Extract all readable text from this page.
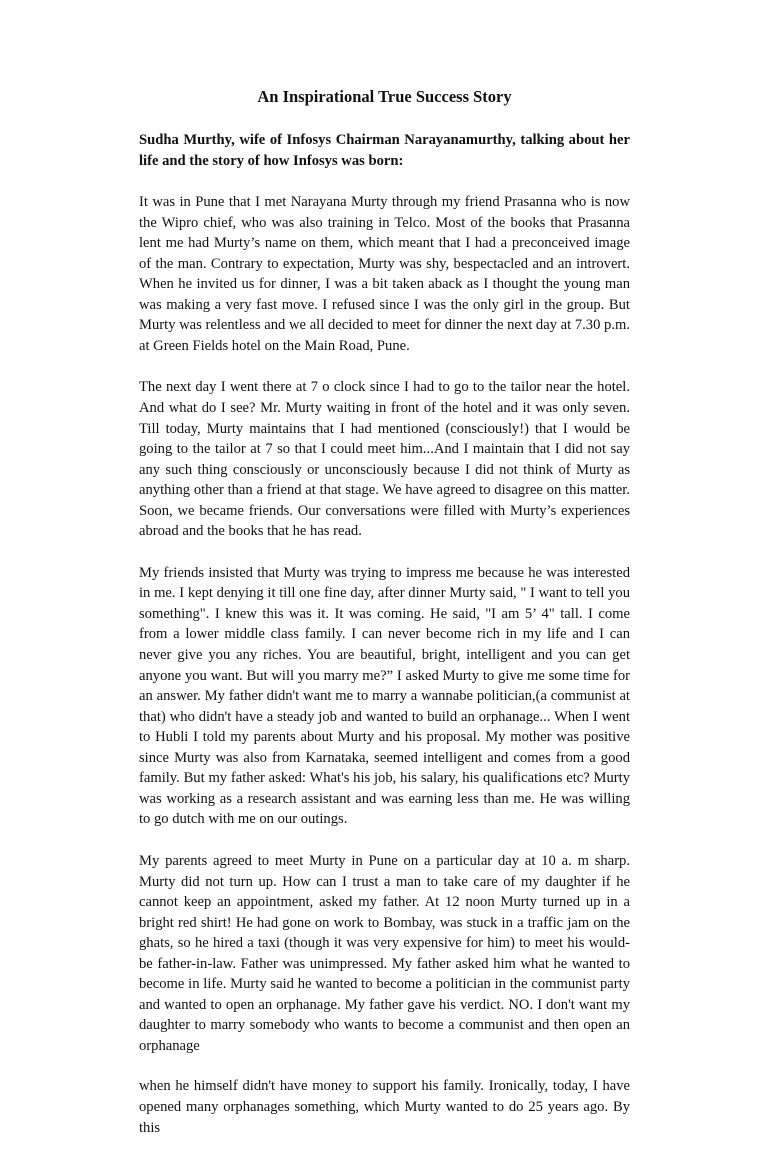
An Inspirational True Success Story
Sudha Murthy, wife of Infosys Chairman Narayanamurthy, talking about her life and the story of how Infosys was born:
It was in Pune that I met Narayana Murty through my friend Prasanna who is now the Wipro chief, who was also training in Telco. Most of the books that Prasanna lent me had Murty’s name on them, which meant that I had a preconceived image of the man. Contrary to expectation, Murty was shy, bespectacled and an introvert. When he invited us for dinner, I was a bit taken aback as I thought the young man was making a very fast move. I refused since I was the only girl in the group. But Murty was relentless and we all decided to meet for dinner the next day at 7.30 p.m. at Green Fields hotel on the Main Road, Pune.
The next day I went there at 7 o clock since I had to go to the tailor near the hotel. And what do I see? Mr. Murty waiting in front of the hotel and it was only seven. Till today, Murty maintains that I had mentioned (consciously!) that I would be going to the tailor at 7 so that I could meet him...And I maintain that I did not say any such thing consciously or unconsciously because I did not think of Murty as anything other than a friend at that stage. We have agreed to disagree on this matter. Soon, we became friends. Our conversations were filled with Murty’s experiences abroad and the books that he has read.
My friends insisted that Murty was trying to impress me because he was interested in me. I kept denying it till one fine day, after dinner Murty said, " I want to tell you something". I knew this was it. It was coming. He said, "I am 5’ 4" tall. I come from a lower middle class family. I can never become rich in my life and I can never give you any riches. You are beautiful, bright, intelligent and you can get anyone you want. But will you marry me?” I asked Murty to give me some time for an answer. My father didn't want me to marry a wannabe politician,(a communist at that) who didn't have a steady job and wanted to build an orphanage... When I went to Hubli I told my parents about Murty and his proposal. My mother was positive since Murty was also from Karnataka, seemed intelligent and comes from a good family. But my father asked: What's his job, his salary, his qualifications etc? Murty was working as a research assistant and was earning less than me. He was willing to go dutch with me on our outings.
My parents agreed to meet Murty in Pune on a particular day at 10 a. m sharp. Murty did not turn up. How can I trust a man to take care of my daughter if he cannot keep an appointment, asked my father. At 12 noon Murty turned up in a bright red shirt! He had gone on work to Bombay, was stuck in a traffic jam on the ghats, so he hired a taxi (though it was very expensive for him) to meet his would-be father-in-law. Father was unimpressed. My father asked him what he wanted to become in life. Murty said he wanted to become a politician in the communist party and wanted to open an orphanage. My father gave his verdict. NO. I don't want my daughter to marry somebody who wants to become a communist and then open an orphanage
when he himself didn't have money to support his family. Ironically, today, I have opened many orphanages something, which Murty wanted to do 25 years ago. By this
